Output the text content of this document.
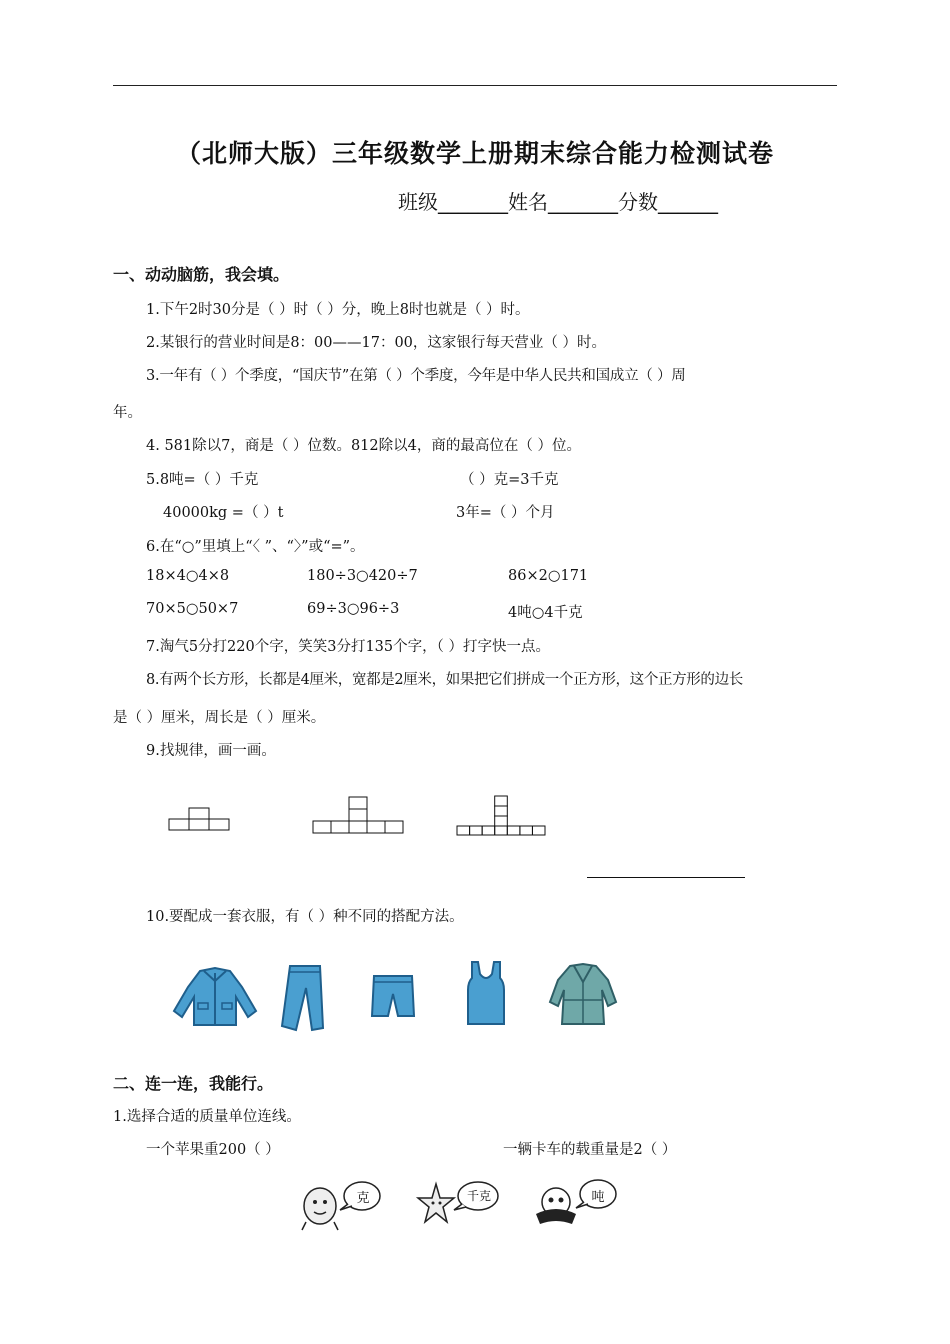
（北师大版）三年级数学上册期末综合能力检测试卷
班级_______姓名_______分数______
一、动动脑筋，我会填。
1.下午2时30分是（ ）时（ ）分，晚上8时也就是（ ）时。
2.某银行的营业时间是8：00——17：00，这家银行每天营业（ ）时。
3.一年有（ ）个季度，“国庆节”在第（ ）个季度，今年是中华人民共和国成立（ ）周
年。
4. 581除以7，商是（ ）位数。812除以4，商的最高位在（ ）位。
5.8吨=（ ）千克	（ ）克=3千克
40000kg =（ ）t	3年=（ ）个月
6.在“○”里填上“〈 ”、“〉”或“=”。
18×4○4×8	180÷3○420÷7	86×2○171
70×5○50×7	69÷3○96÷3	4吨○4千克
7.淘气5分打220个字，笑笑3分打135个字，（ ）打字快一点。
8.有两个长方形，长都是4厘米，宽都是2厘米，如果把它们拼成一个正方形，这个正方形的边长
是（ ）厘米，周长是（ ）厘米。
9.找规律，画一画。
10.要配成一套衣服，有（ ）种不同的搭配方法。
二、连一连，我能行。
1.选择合适的质量单位连线。
一个苹果重200（ ）	一辆卡车的载重量是2（ ）
克	千克	吨
